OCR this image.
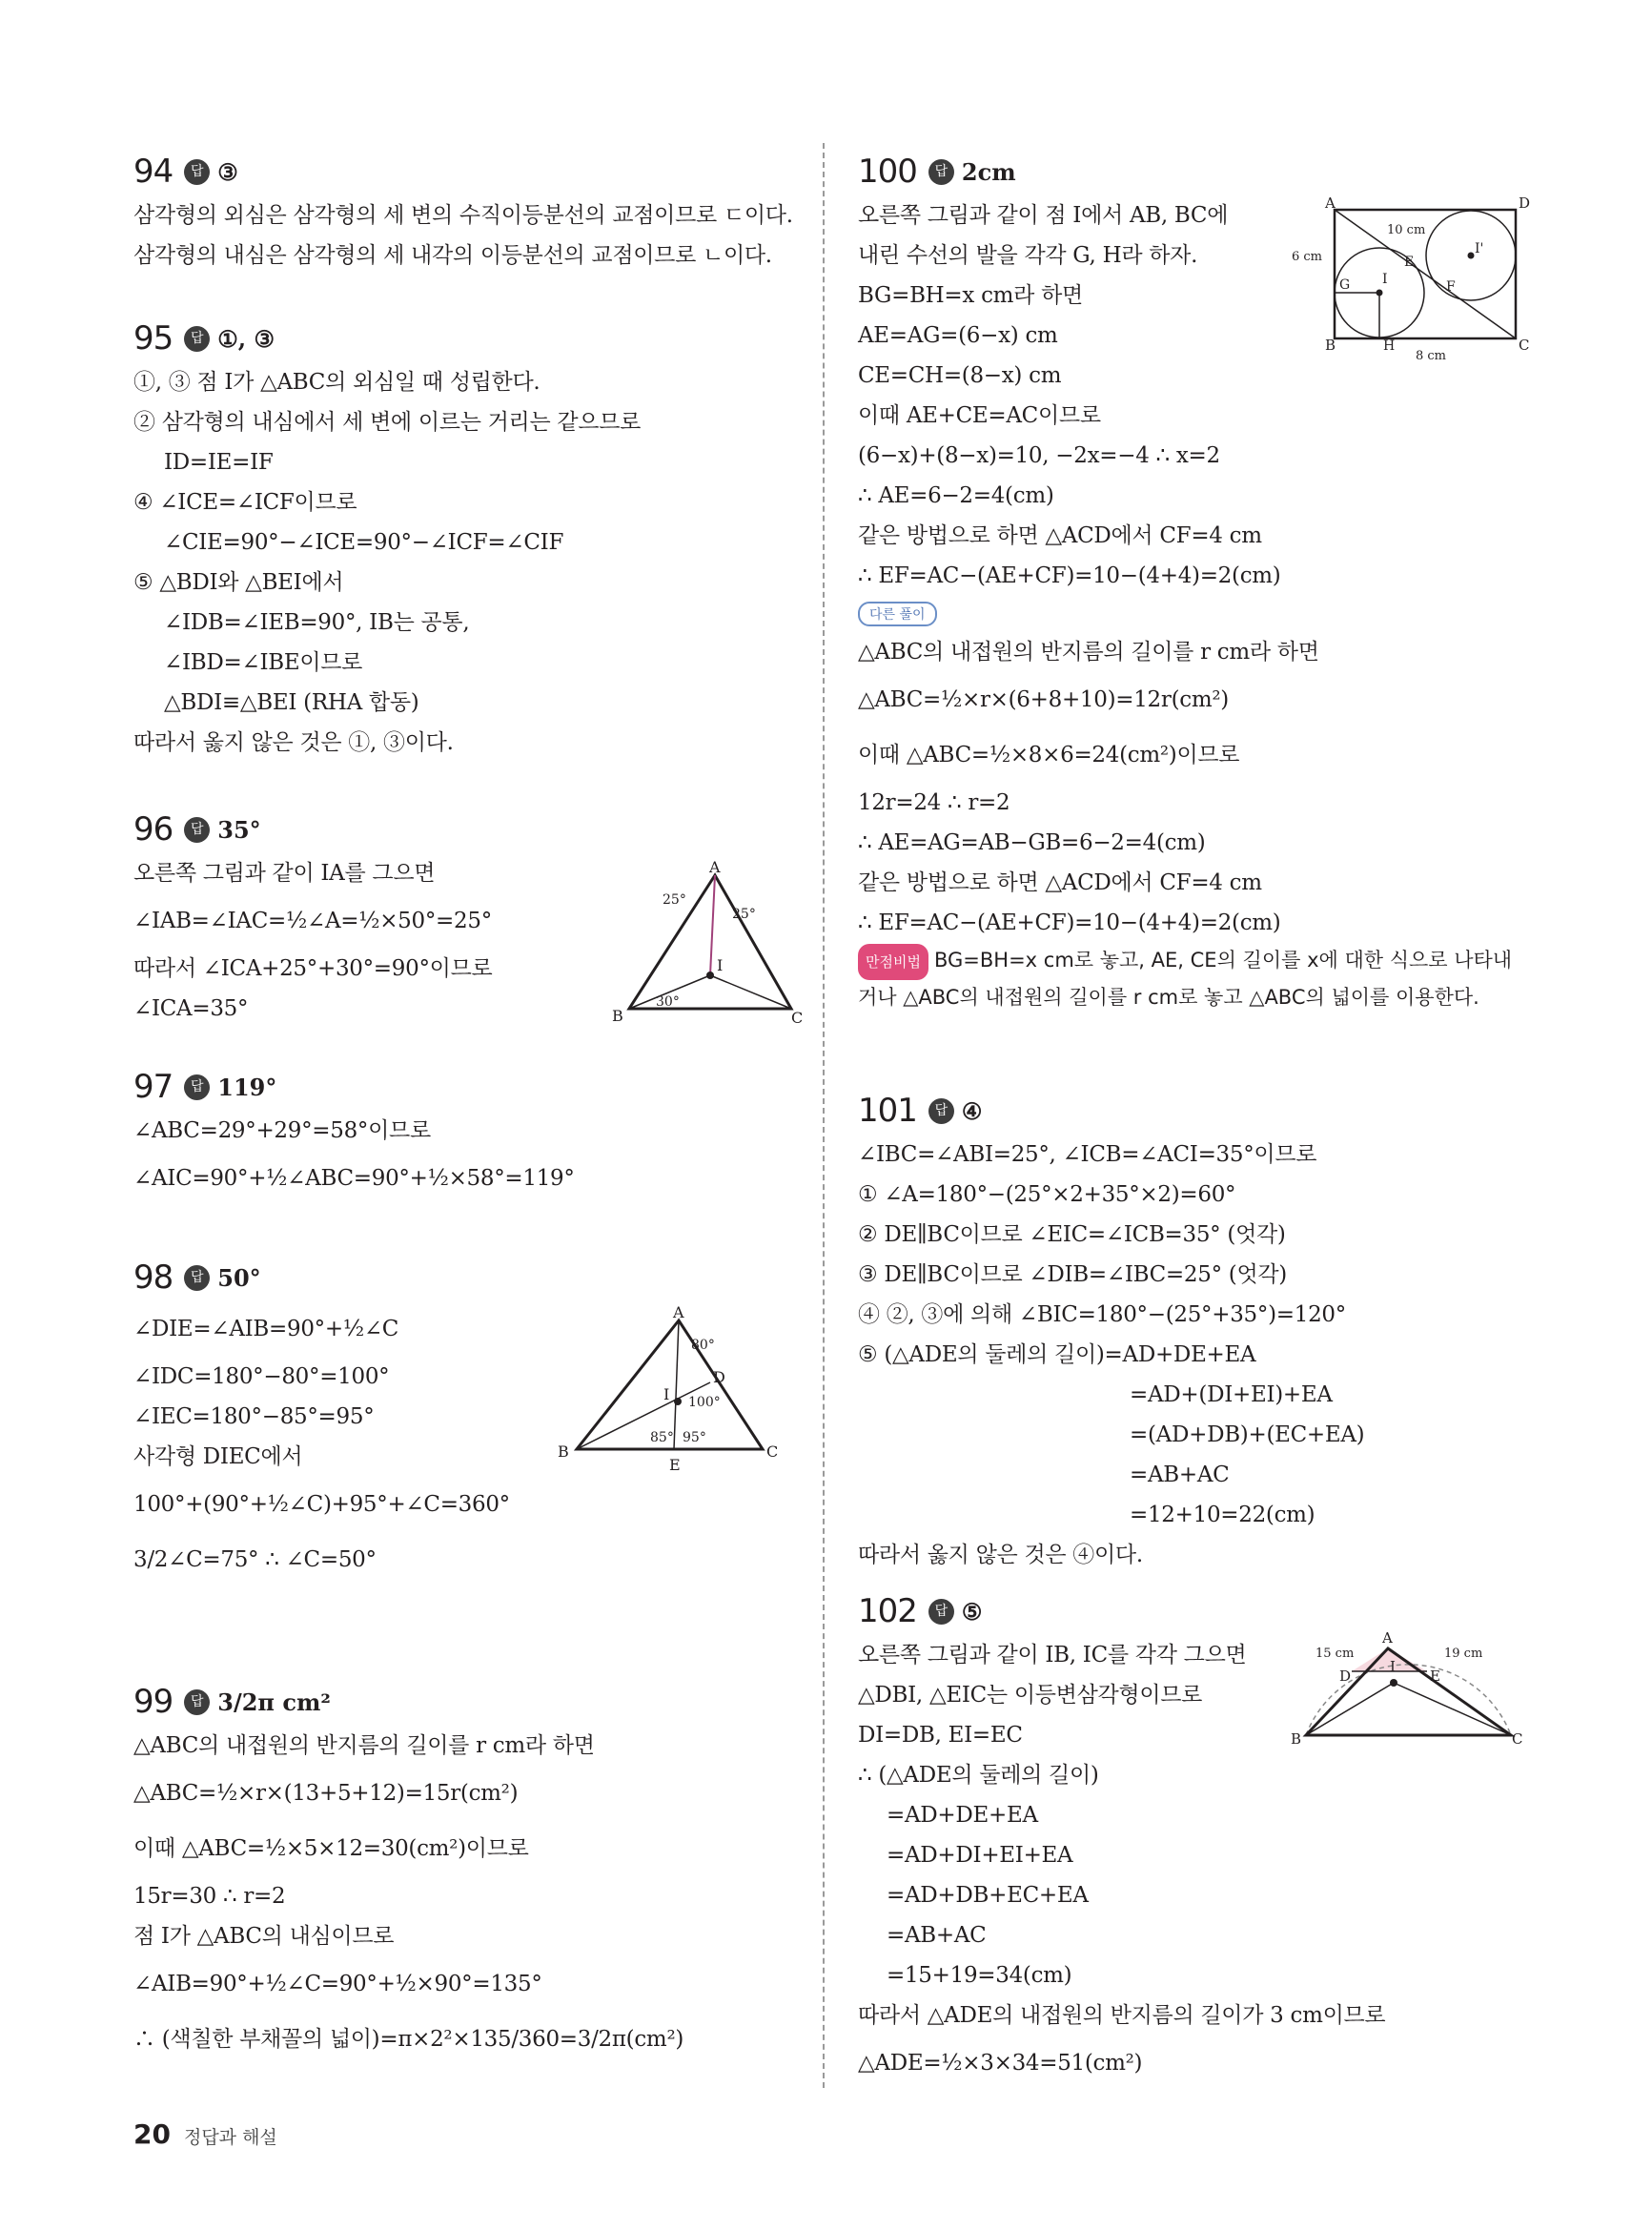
94	답 ③
삼각형의 외심은 삼각형의 세 변의 수직이등분선의 교점이므로 ㄷ이다.
삼각형의 내심은 삼각형의 세 내각의 이등분선의 교점이므로 ㄴ이다.
95	답 ①, ③
①, ③ 점 I가 △ABC의 외심일 때 성립한다.
② 삼각형의 내심에서 세 변에 이르는 거리는 같으므로
ID=IE=IF
④ ∠ICE=∠ICF이므로
∠CIE=90°−∠ICE=90°−∠ICF=∠CIF
⑤ △BDI와 △BEI에서
∠IDB=∠IEB=90°, IB는 공통,
∠IBD=∠IBE이므로
△BDI≡△BEI (RHA 합동)
따라서 옳지 않은 것은 ①, ③이다.
96	답 35°
오른쪽 그림과 같이 IA를 그으면
∠IAB=∠IAC=½∠A=½×50°=25°
따라서 ∠ICA+25°+30°=90°이므로
∠ICA=35°
A
B	C
I
25°
25°
30°
97	답 119°
∠ABC=29°+29°=58°이므로
∠AIC=90°+½∠ABC=90°+½×58°=119°
98	답 50°
∠DIE=∠AIB=90°+½∠C
∠IDC=180°−80°=100°
∠IEC=180°−85°=95°
사각형 DIEC에서
100°+(90°+½∠C)+95°+∠C=360°
3/2∠C=75° ∴ ∠C=50°
A
B	C
D
E
I
80°
100°
85° 95°
99	답 3/2π cm²
△ABC의 내접원의 반지름의 길이를 r cm라 하면
△ABC=½×r×(13+5+12)=15r(cm²)
이때 △ABC=½×5×12=30(cm²)이므로
15r=30 ∴ r=2
점 I가 △ABC의 내심이므로
∠AIB=90°+½∠C=90°+½×90°=135°
∴ (색칠한 부채꼴의 넓이)=π×2²×135/360=3/2π(cm²)
100	답 2cm
오른쪽 그림과 같이 점 I에서 AB, BC에
내린 수선의 발을 각각 G, H라 하자.
BG=BH=x cm라 하면
AE=AG=(6−x) cm
CE=CH=(8−x) cm
이때 AE+CE=AC이므로
(6−x)+(8−x)=10, −2x=−4 ∴ x=2
∴ AE=6−2=4(cm)
같은 방법으로 하면 △ACD에서 CF=4 cm
∴ EF=AC−(AE+CF)=10−(4+4)=2(cm)
다른 풀이
△ABC의 내접원의 반지름의 길이를 r cm라 하면
△ABC=½×r×(6+8+10)=12r(cm²)
이때 △ABC=½×8×6=24(cm²)이므로
12r=24 ∴ r=2
∴ AE=AG=AB−GB=6−2=4(cm)
같은 방법으로 하면 △ACD에서 CF=4 cm
∴ EF=AC−(AE+CF)=10−(4+4)=2(cm)
만점비법 BG=BH=x cm로 놓고, AE, CE의 길이를 x에 대한 식으로 나타내거나 △ABC의 내접원의 길이를 r cm로 놓고 △ABC의 넓이를 이용한다.
A	D
B	C
G
H
E
F
I
I'
10 cm
6 cm
8 cm
101	답 ④
∠IBC=∠ABI=25°, ∠ICB=∠ACI=35°이므로
① ∠A=180°−(25°×2+35°×2)=60°
② DE∥BC이므로 ∠EIC=∠ICB=35° (엇각)
③ DE∥BC이므로 ∠DIB=∠IBC=25° (엇각)
④ ②, ③에 의해 ∠BIC=180°−(25°+35°)=120°
⑤ (△ADE의 둘레의 길이)=AD+DE+EA
=AD+(DI+EI)+EA
=(AD+DB)+(EC+EA)
=AB+AC
=12+10=22(cm)
따라서 옳지 않은 것은 ④이다.
102	답 ⑤
오른쪽 그림과 같이 IB, IC를 각각 그으면
△DBI, △EIC는 이등변삼각형이므로
DI=DB, EI=EC
∴ (△ADE의 둘레의 길이)
=AD+DE+EA
=AD+DI+EI+EA
=AD+DB+EC+EA
=AB+AC
=15+19=34(cm)
따라서 △ADE의 내접원의 반지름의 길이가 3 cm이므로
△ADE=½×3×34=51(cm²)
A
B	C
D	E
I
15 cm	19 cm
20 정답과 해설
